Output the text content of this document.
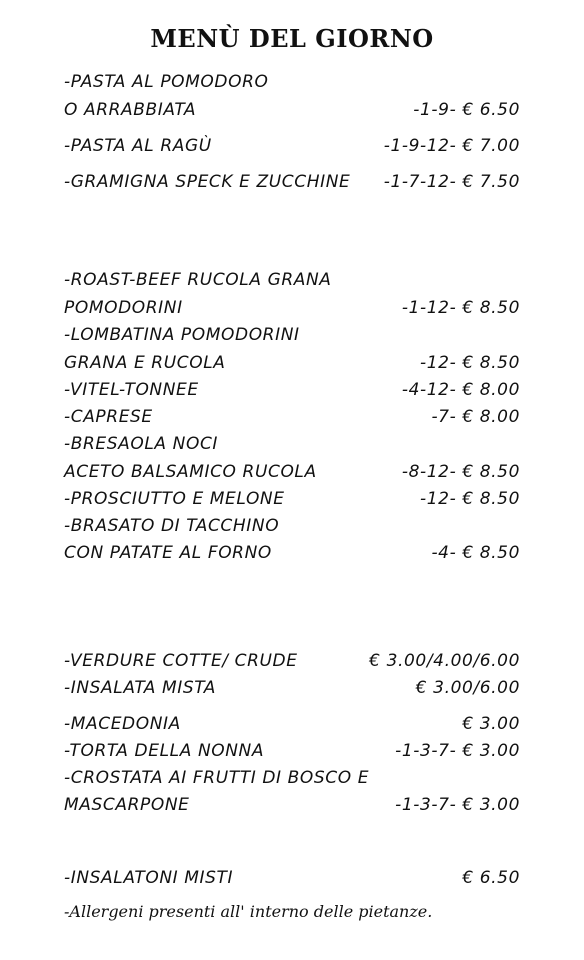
MENÙ DEL GIORNO
-PASTA AL POMODORO
O ARRABBIATA	-1-9- € 6.50
-PASTA AL RAGÙ	-1-9-12- € 7.00
-GRAMIGNA SPECK E ZUCCHINE -1-7-12- € 7.50
-ROAST-BEEF RUCOLA GRANA
POMODORINI	-1-12- € 8.50
-LOMBATINA POMODORINI
GRANA E RUCOLA	-12- € 8.50
-VITEL-TONNEE	-4-12- € 8.00
-CAPRESE	-7- € 8.00
-BRESAOLA NOCI
ACETO BALSAMICO RUCOLA	-8-12- € 8.50
-PROSCIUTTO E MELONE	-12- € 8.50
-BRASATO DI TACCHINO
CON PATATE AL FORNO	-4- € 8.50
-VERDURE COTTE/ CRUDE	€ 3.00/4.00/6.00
-INSALATA MISTA	€ 3.00/6.00
-MACEDONIA	€ 3.00
-TORTA DELLA NONNA	-1-3-7- € 3.00
-CROSTATA AI FRUTTI DI BOSCO E
MASCARPONE	-1-3-7- € 3.00
-INSALATONI MISTI	€ 6.50
-Allergeni presenti all' interno delle pietanze.
